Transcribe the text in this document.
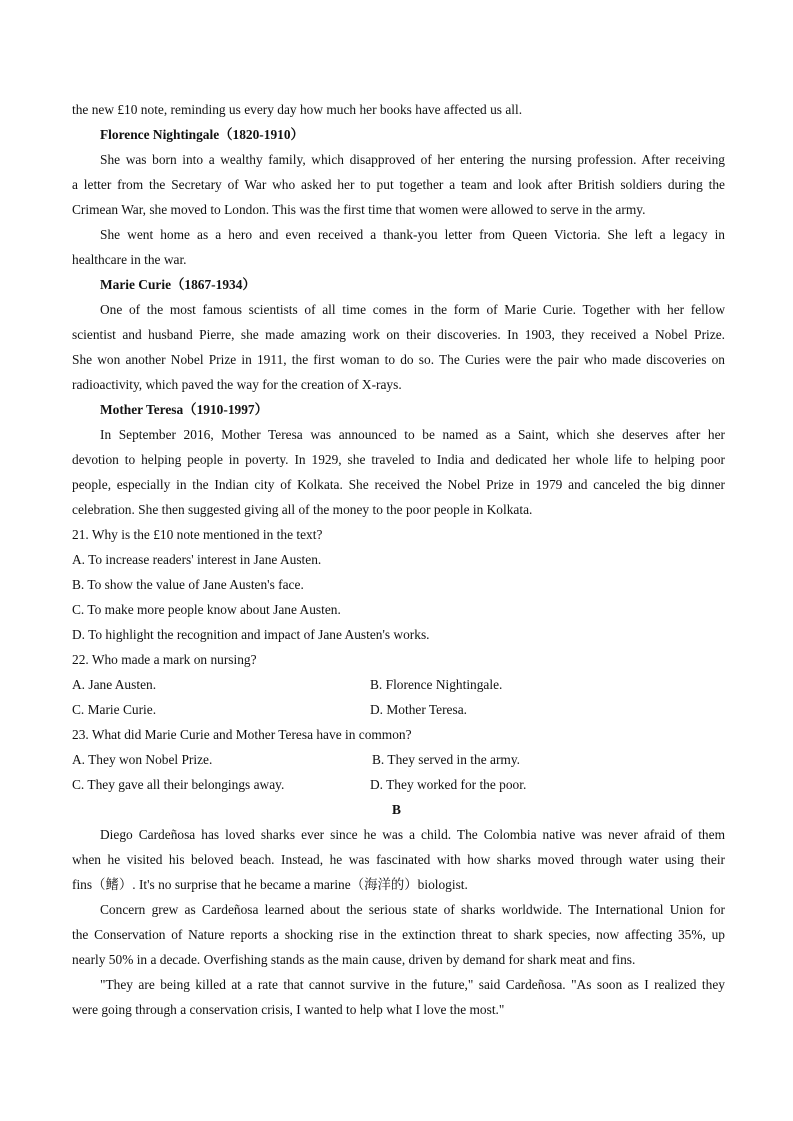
the new £10 note, reminding us every day how much her books have affected us all.
Florence Nightingale（1820-1910）
She was born into a wealthy family, which disapproved of her entering the nursing profession. After receiving
a letter from the Secretary of War who asked her to put together a team and look after British soldiers during the
Crimean War, she moved to London. This was the first time that women were allowed to serve in the army.
She went home as a hero and even received a thank-you letter from Queen Victoria. She left a legacy in
healthcare in the war.
Marie Curie（1867-1934）
One of the most famous scientists of all time comes in the form of Marie Curie. Together with her fellow
scientist and husband Pierre, she made amazing work on their discoveries. In 1903, they received a Nobel Prize.
She won another Nobel Prize in 1911, the first woman to do so. The Curies were the pair who made discoveries on
radioactivity, which paved the way for the creation of X-rays.
Mother Teresa（1910-1997）
In September 2016, Mother Teresa was announced to be named as a Saint, which she deserves after her
devotion to helping people in poverty. In 1929, she traveled to India and dedicated her whole life to helping poor
people, especially in the Indian city of Kolkata. She received the Nobel Prize in 1979 and canceled the big dinner
celebration. She then suggested giving all of the money to the poor people in Kolkata.
21. Why is the £10 note mentioned in the text?
A. To increase readers' interest in Jane Austen.
B. To show the value of Jane Austen's face.
C. To make more people know about Jane Austen.
D. To highlight the recognition and impact of Jane Austen's works.
22. Who made a mark on nursing?
A. Jane Austen.	B. Florence Nightingale.
C. Marie Curie.	D. Mother Teresa.
23. What did Marie Curie and Mother Teresa have in common?
A. They won Nobel Prize.	B. They served in the army.
C. They gave all their belongings away.	D. They worked for the poor.
B
Diego Cardeñosa has loved sharks ever since he was a child. The Colombia native was never afraid of them
when he visited his beloved beach. Instead, he was fascinated with how sharks moved through water using their
fins（鳍）. It's no surprise that he became a marine（海洋的）biologist.
Concern grew as Cardeñosa learned about the serious state of sharks worldwide. The International Union for
the Conservation of Nature reports a shocking rise in the extinction threat to shark species, now affecting 35%, up
nearly 50% in a decade. Overfishing stands as the main cause, driven by demand for shark meat and fins.
"They are being killed at a rate that cannot survive in the future," said Cardeñosa. "As soon as I realized they
were going through a conservation crisis, I wanted to help what I love the most."
